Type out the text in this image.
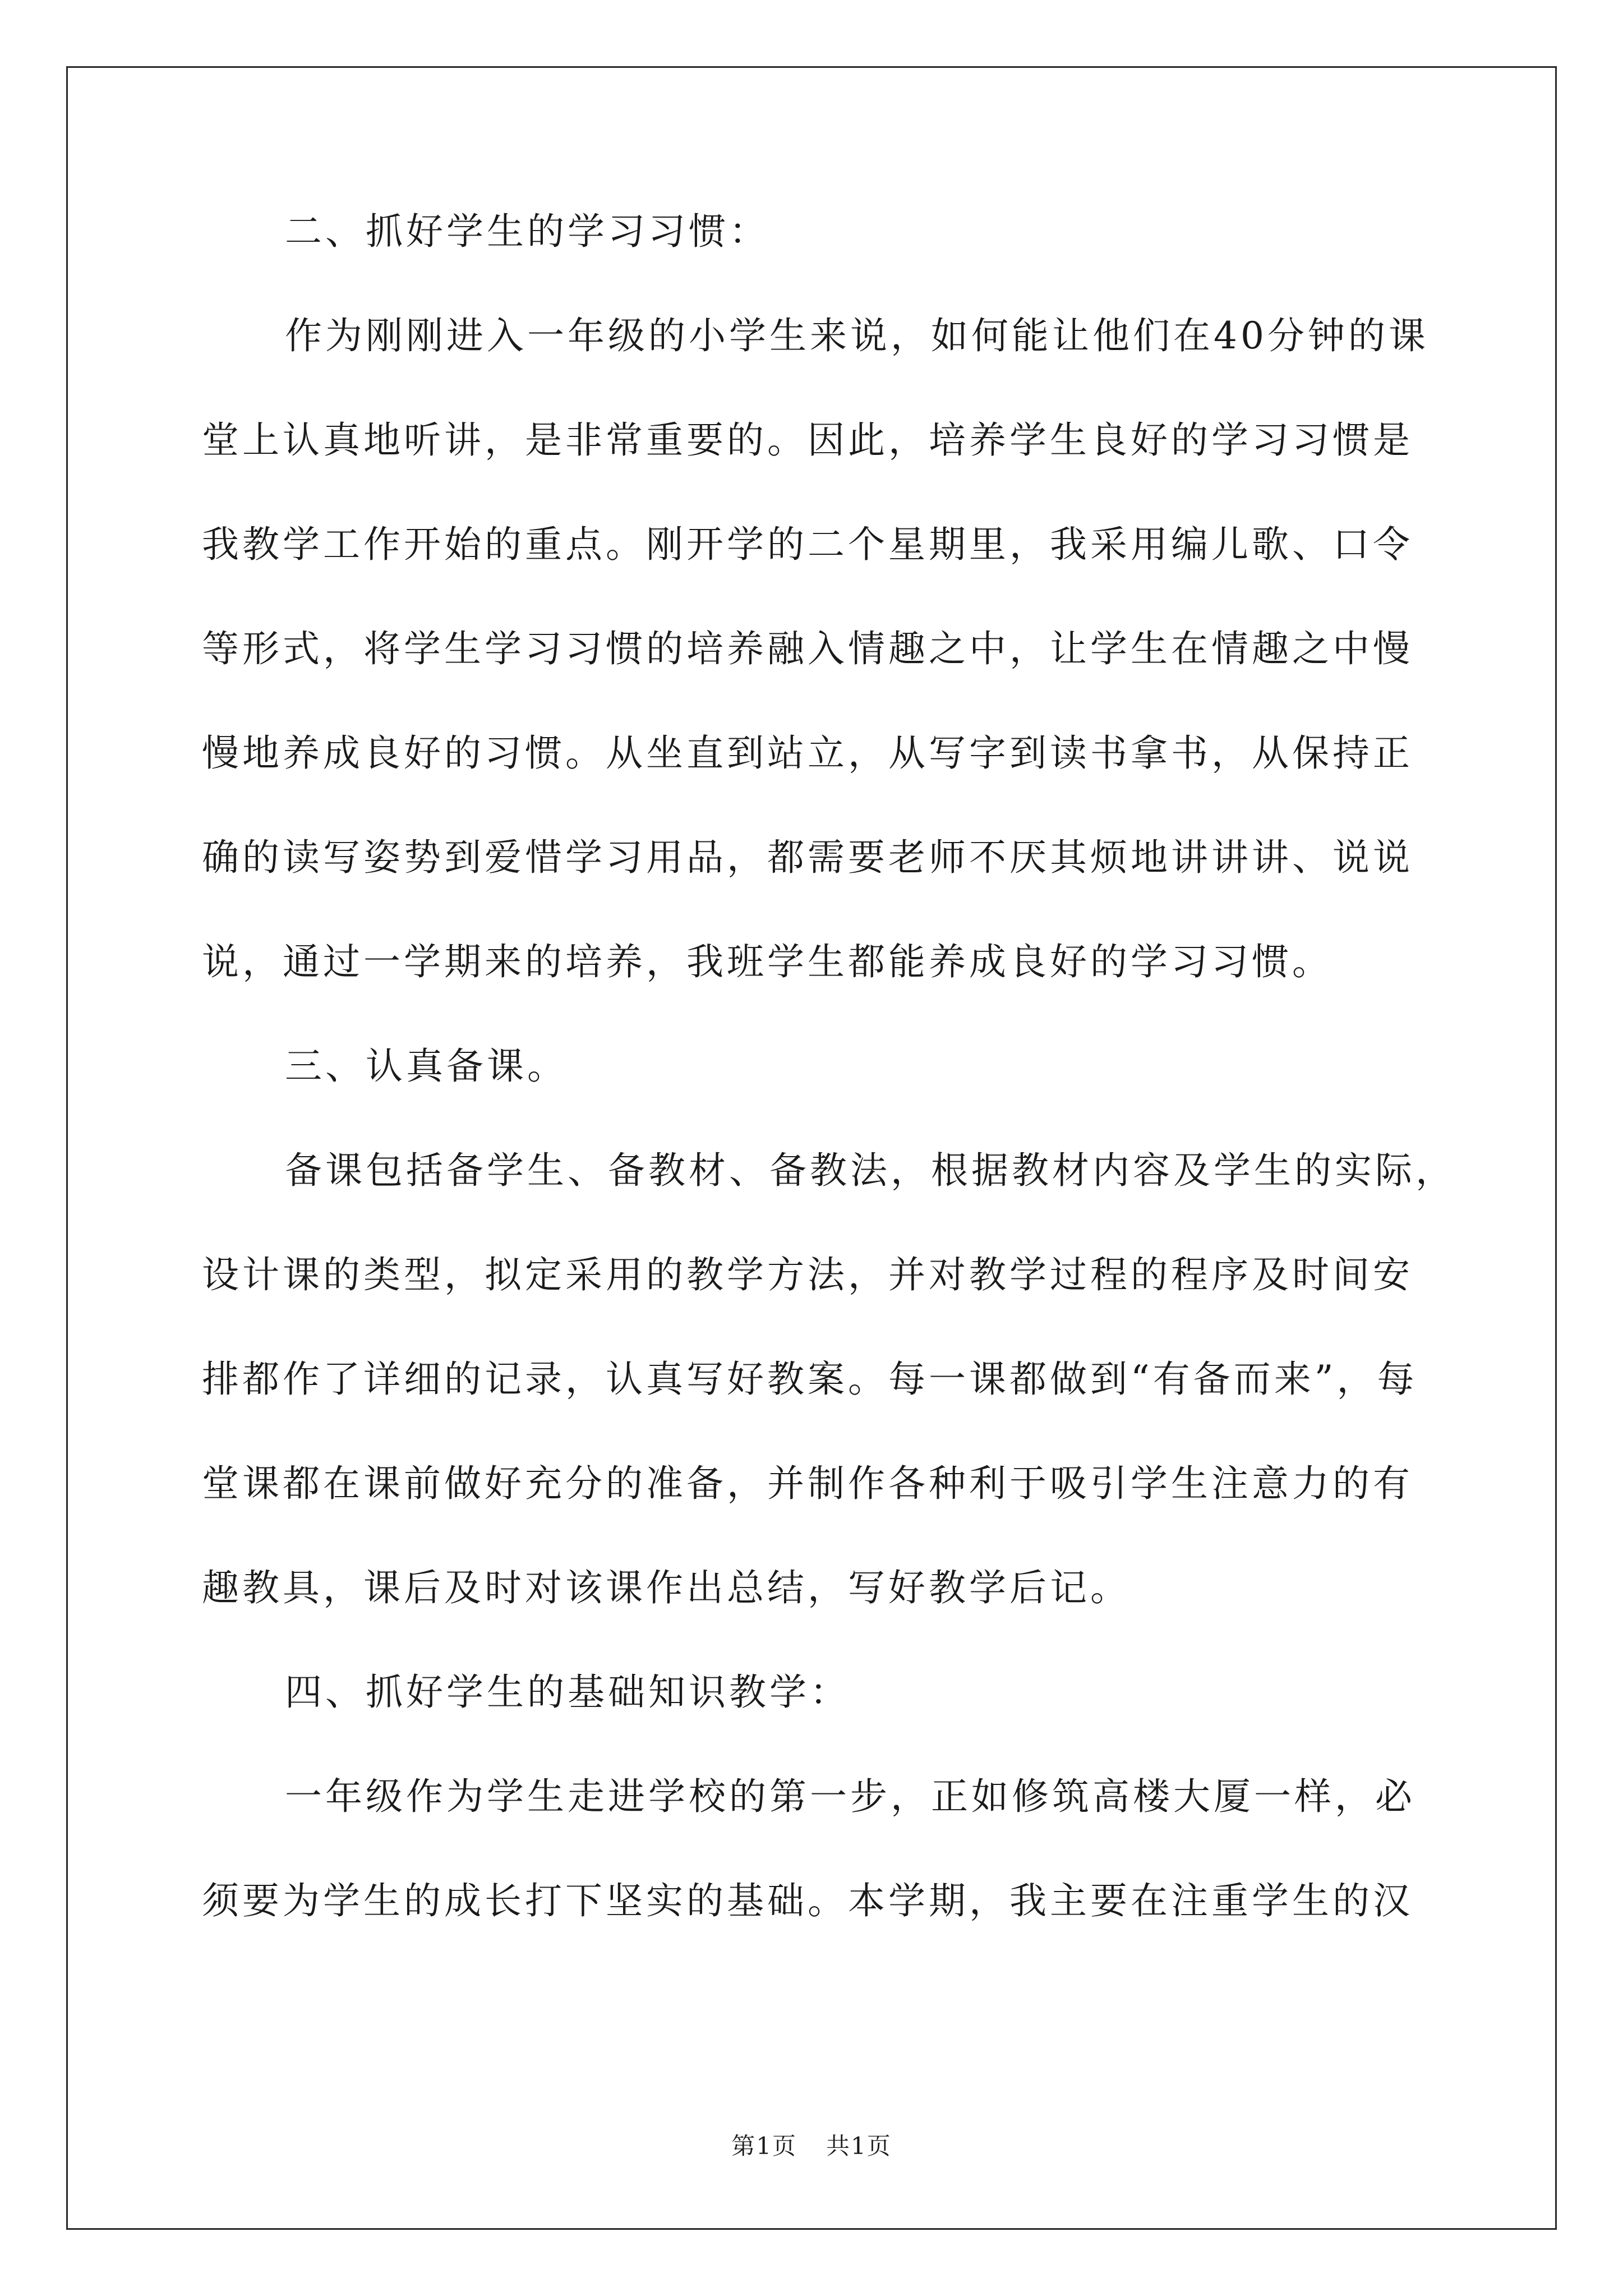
二、抓好学生的学习习惯：
作为刚刚进入一年级的小学生来说，如何能让他们在40分钟的课
堂上认真地听讲，是非常重要的。因此，培养学生良好的学习习惯是
我教学工作开始的重点。刚开学的二个星期里，我采用编儿歌、口令
等形式，将学生学习习惯的培养融入情趣之中，让学生在情趣之中慢
慢地养成良好的习惯。从坐直到站立，从写字到读书拿书，从保持正
确的读写姿势到爱惜学习用品，都需要老师不厌其烦地讲讲讲、说说
说，通过一学期来的培养，我班学生都能养成良好的学习习惯。
三、认真备课。
备课包括备学生、备教材、备教法，根据教材内容及学生的实际，
设计课的类型，拟定采用的教学方法，并对教学过程的程序及时间安
排都作了详细的记录，认真写好教案。每一课都做到“有备而来”，每
堂课都在课前做好充分的准备，并制作各种利于吸引学生注意力的有
趣教具，课后及时对该课作出总结，写好教学后记。
四、抓好学生的基础知识教学：
一年级作为学生走进学校的第一步，正如修筑高楼大厦一样，必
须要为学生的成长打下坚实的基础。本学期，我主要在注重学生的汉
第1页 共1页
